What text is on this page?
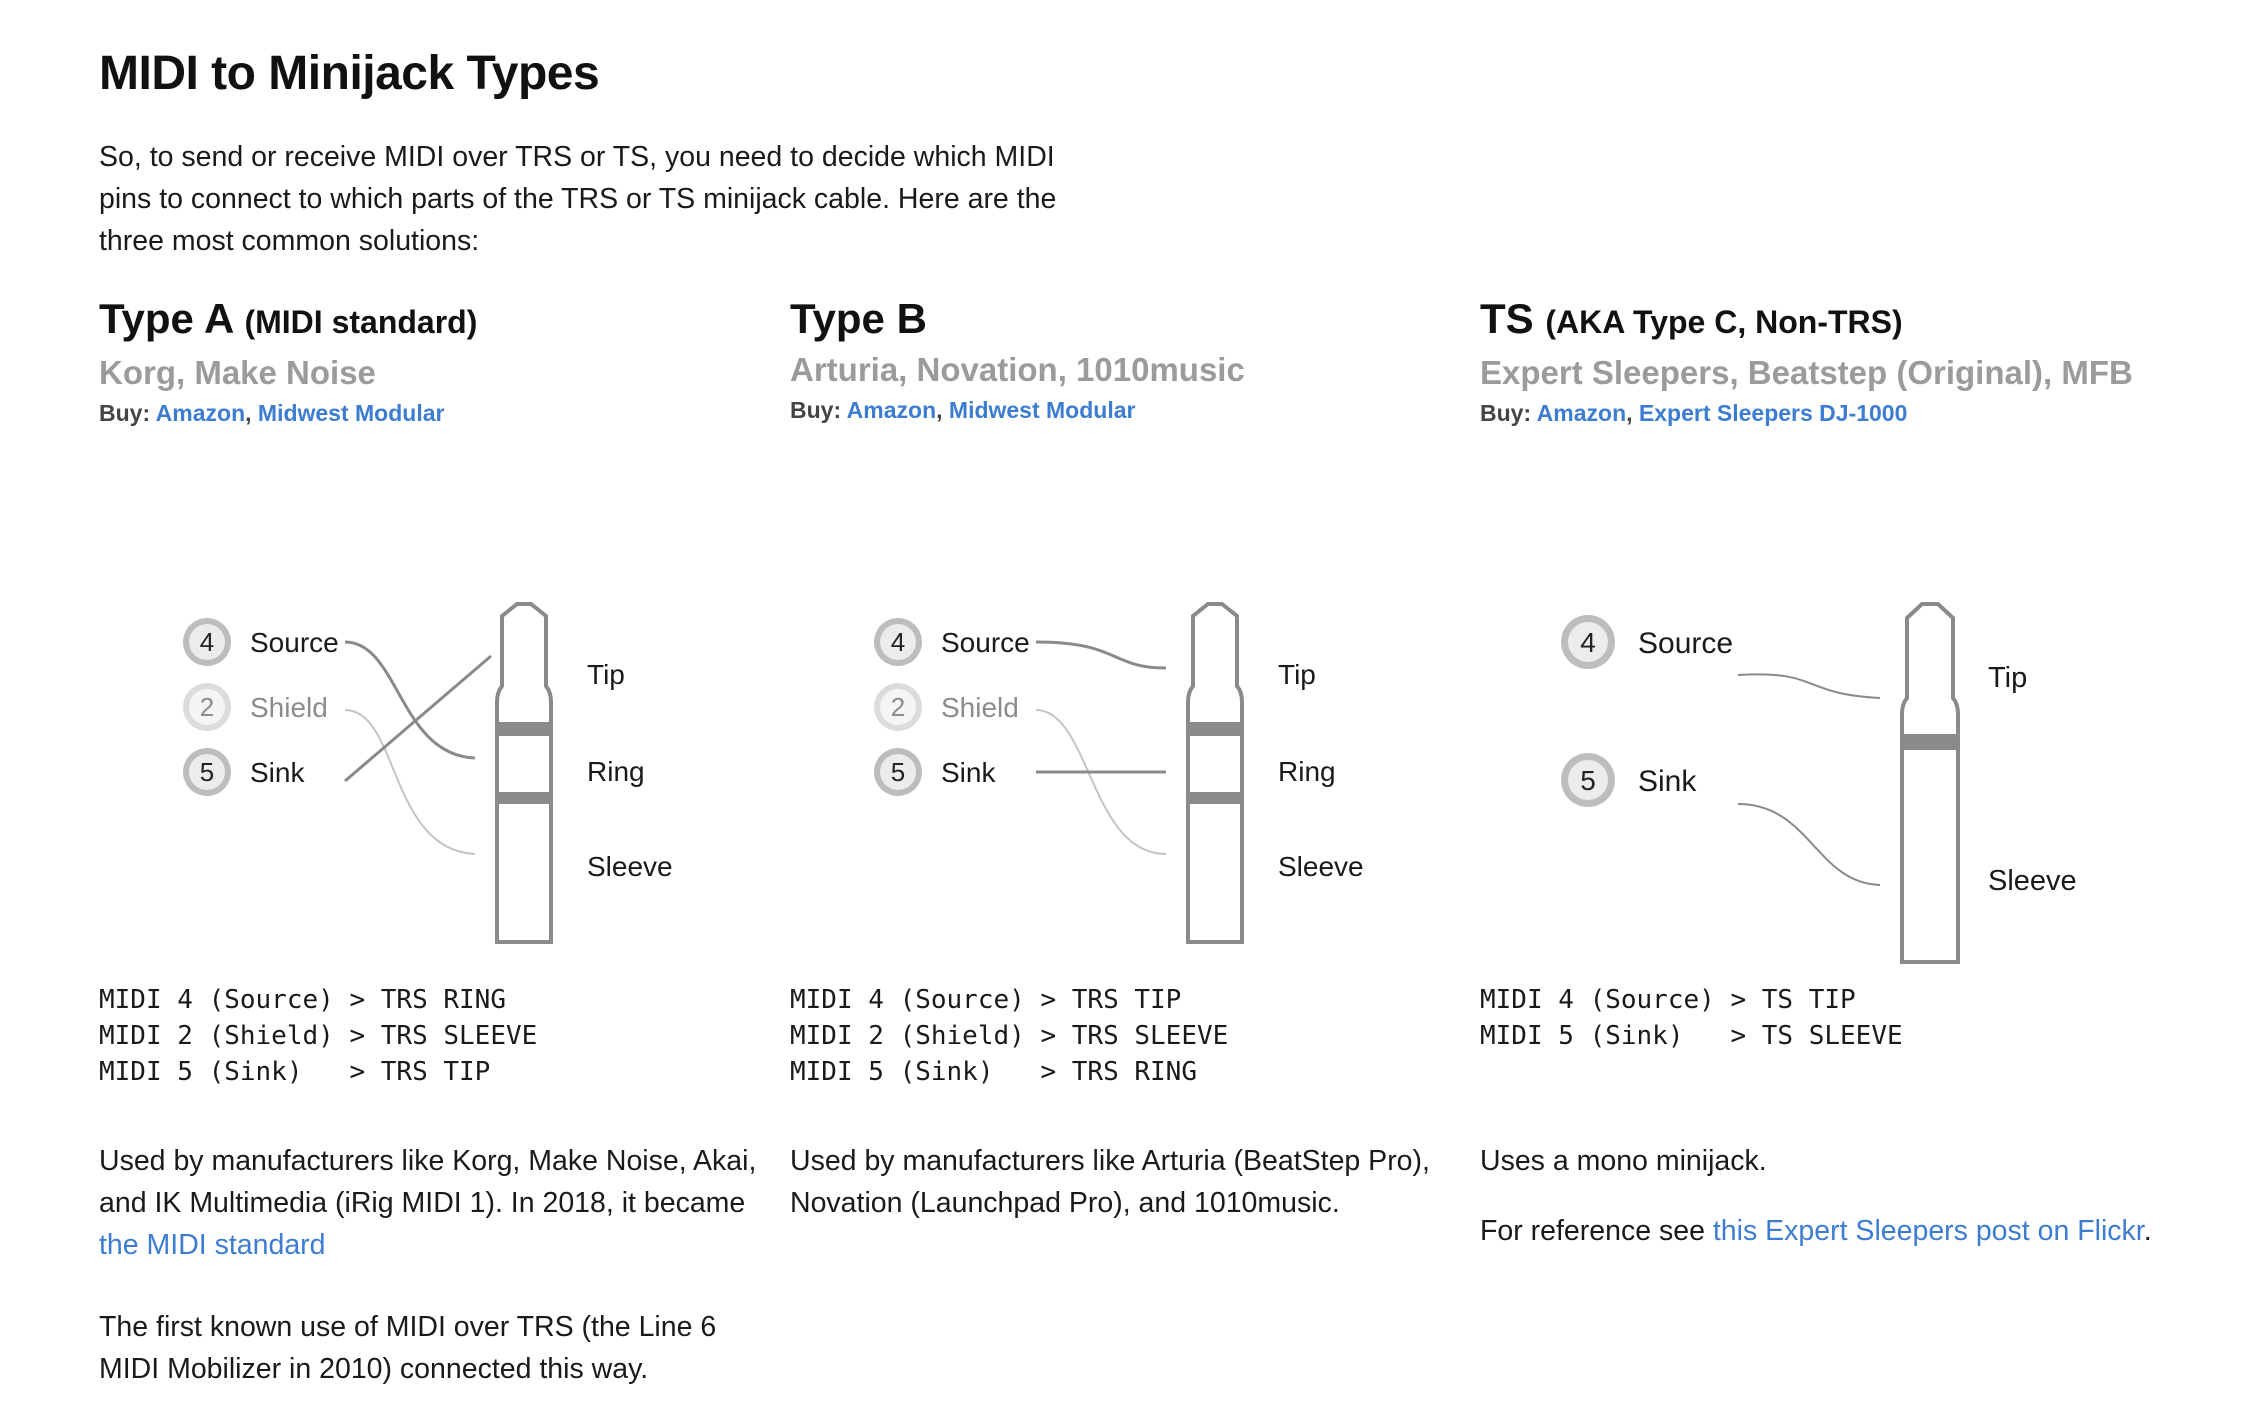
MIDI to Minijack Types

So, to send or receive MIDI over TRS or TS, you need to decide which MIDI pins to connect to which parts of the TRS or TS minijack cable. Here are the three most common solutions:

Type A (MIDI standard)

Korg, Make Noise

Buy: Amazon, Midwest Modular

4
2
5
Source
Shield
Sink
Tip
Ring
Sleeve
MIDI 4 (Source) > TRS RING
MIDI 2 (Shield) > TRS SLEEVE
MIDI 5 (Sink)   > TRS TIP

Used by manufacturers like Korg, Make Noise, Akai, and IK Multimedia (iRig MIDI 1). In 2018, it became the MIDI standard

The first known use of MIDI over TRS (the Line 6 MIDI Mobilizer in 2010) connected this way.

Type B

Arturia, Novation, 1010music

Buy: Amazon, Midwest Modular

4
2
5
Source
Shield
Sink
Tip
Ring
Sleeve
MIDI 4 (Source) > TRS TIP
MIDI 2 (Shield) > TRS SLEEVE
MIDI 5 (Sink)   > TRS RING

Used by manufacturers like Arturia (BeatStep Pro), Novation (Launchpad Pro), and 1010music.

TS (AKA Type C, Non-TRS)

Expert Sleepers, Beatstep (Original), MFB

Buy: Amazon, Expert Sleepers DJ-1000

4
5
Source
Sink
Tip
Sleeve
MIDI 4 (Source) > TS TIP
MIDI 5 (Sink)   > TS SLEEVE

Uses a mono minijack.

For reference see this Expert Sleepers post on Flickr.
